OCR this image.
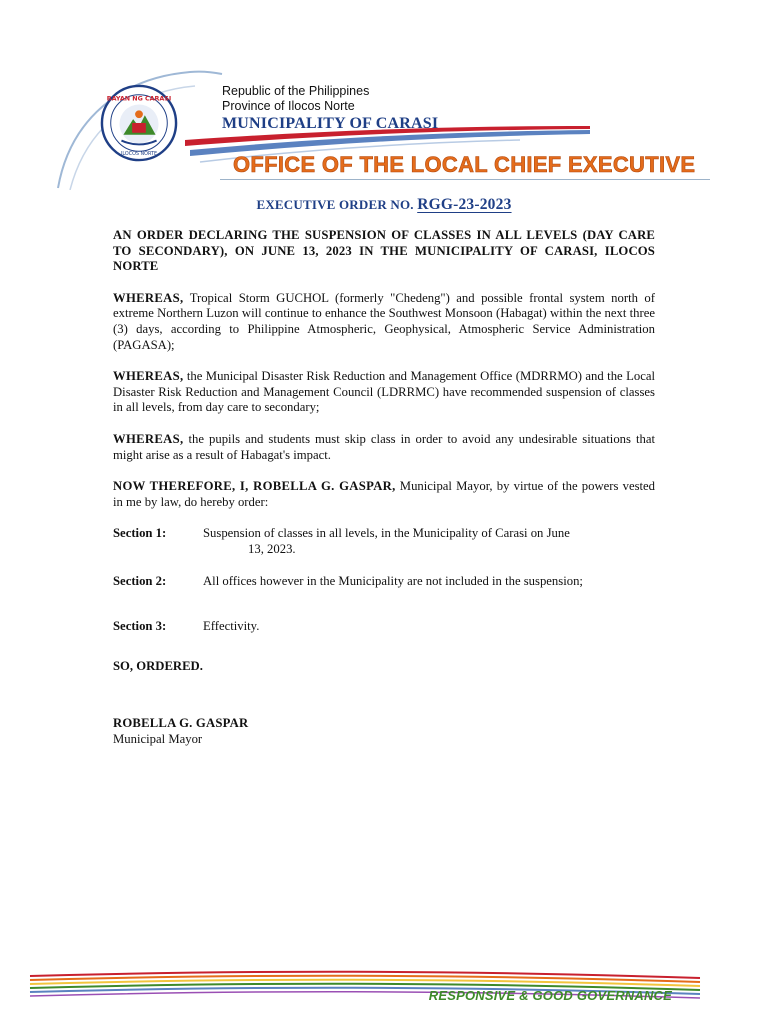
BAYAN NG CARASI
ILOCOS NORTE
Republic of the Philippines
Province of Ilocos Norte
MUNICIPALITY OF CARASI
OFFICE OF THE LOCAL CHIEF EXECUTIVE
EXECUTIVE ORDER NO. RGG-23-2023

AN ORDER DECLARING THE SUSPENSION OF CLASSES IN ALL LEVELS (DAY CARE TO SECONDARY), ON JUNE 13, 2023 IN THE MUNICIPALITY OF CARASI, ILOCOS NORTE

WHEREAS, Tropical Storm GUCHOL (formerly "Chedeng") and possible frontal system north of extreme Northern Luzon will continue to enhance the Southwest Monsoon (Habagat) within the next three (3) days, according to Philippine Atmospheric, Geophysical, Atmospheric Service Administration (PAGASA);

WHEREAS, the Municipal Disaster Risk Reduction and Management Office (MDRRMO) and the Local Disaster Risk Reduction and Management Council (LDRRMC) have recommended suspension of classes in all levels, from day care to secondary;

WHEREAS, the pupils and students must skip class in order to avoid any undesirable situations that might arise as a result of Habagat's impact.

NOW THEREFORE, I, ROBELLA G. GASPAR, Municipal Mayor, by virtue of the powers vested in me by law, do hereby order:

Section 1:	Suspension of classes in all levels, in the Municipality of Carasi on June
13, 2023.
Section 2:	All offices however in the Municipality are not included in the suspension;
Section 3:	Effectivity.
SO, ORDERED.
ROBELLA G. GASPAR
Municipal Mayor
RESPONSIVE & GOOD GOVERNANCE
